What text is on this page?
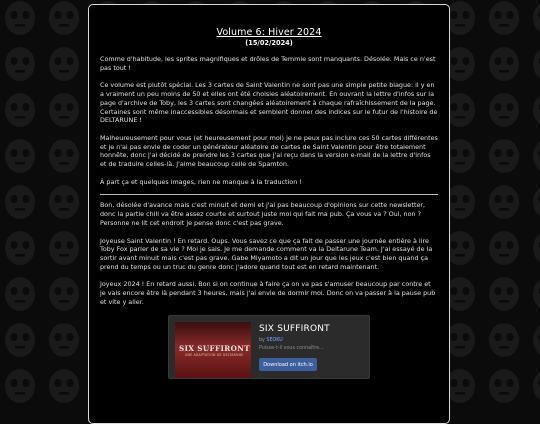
Volume 6: Hiver 2024
(15/02/2024)

Comme d'habitude, les sprites magnifiques et drôles de Temmie sont manquants. Désolée. Mais ce n'est pas tout !

Ce volume est plutôt spécial. Les 3 cartes de Saint Valentin ne sont pas une simple petite blague: il y en a vraiment un peu moins de 50 et elles ont été choisies aléatoirement. En ouvrant la lettre d'infos sur la page d'archive de Toby, les 3 cartes sont changées aléatoirement à chaque rafraîchissement de la page. Certaines sont même inaccessibles désormais et semblent donner des indices sur le futur de l'histoire de DELTARUNE !

Malheureusement pour vous (et heureusement pour moi) je ne peux pas inclure ces 50 cartes différentes et je n'ai pas envie de coder un générateur aléatoire de cartes de Saint Valentin pour être totalement honnête, donc j'ai décidé de prendre les 3 cartes que j'ai reçu dans la version e-mail de la lettre d'infos et de traduire celles-là. J'aime beaucoup celle de Spamton.

À part ça et quelques images, rien ne manque à la traduction !

Bon, désolée d'avance mais c'est minuit et demi et j'ai pas beaucoup d'opinions sur cette newsletter, donc la partie chill va être assez courte et surtout juste moi qui fait ma pub. Ça vous va ? Oui, non ? Personne ne lit cet endroit je pense donc c'est pas grave.

Joyeuse Saint Valentin ! En retard. Oups. Vous savez ce que ça fait de passer une journée entière à lire Toby Fox parler de sa vie ? Moi je sais. Je me demande comment va la Deltarune Team. J'ai essayé de la sortir avant minuit mais c'est pas grave. Gabe Miyamoto a dit un jour que les jeux c'est bien quand ça prend du temps ou un truc du genre donc j'adore quand tout est en retard maintenant.

Joyeux 2024 ! En retard aussi. Bon si on continue à faire ça on va pas s'amuser beaucoup par contre et je vais encore être là pendant 3 heures, mais j'ai envie de dormir moi. Donc on va passer à la pause pub et vite y aller.

SIX SUFFIRONT
UNE ADAPTATION DE DELTARUNE
SIX SUFFIRONT
by SEOKU
Puisse-t-il vous connaître...
Download on itch.io
